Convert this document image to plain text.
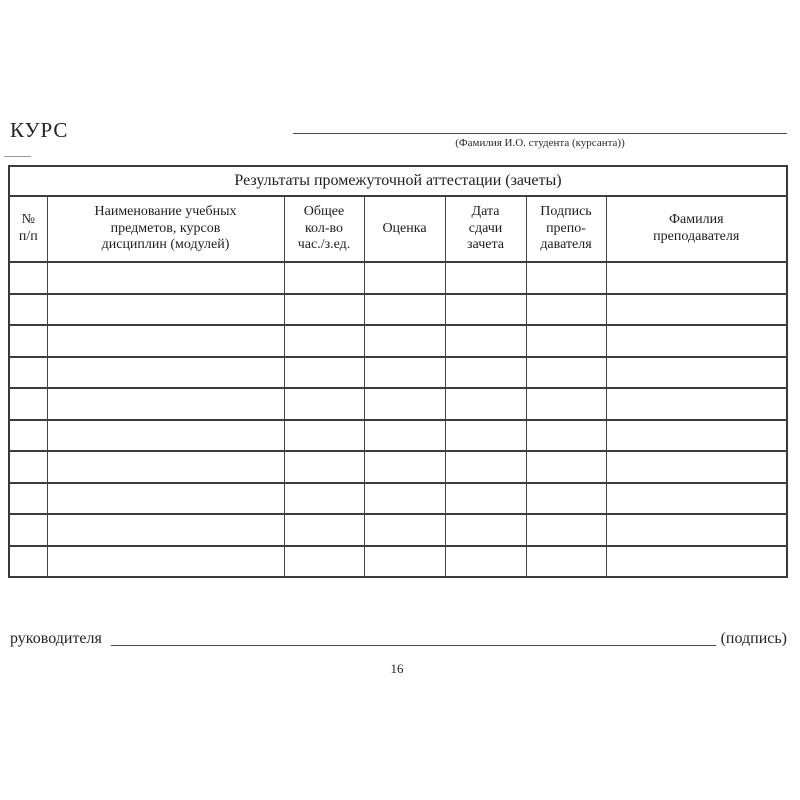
КУРС
(Фамилия И.О. студента (курсанта))
Результаты промежуточной аттестации (зачеты)						
№
п/п	Наименование учебных
предметов, курсов
дисциплин (модулей)	Общее
кол-во
час./з.ед.	Оценка	Дата
сдачи
зачета	Подпись
препо-
давателя	Фамилия
преподавателя

руководителя	(подпись)
16
